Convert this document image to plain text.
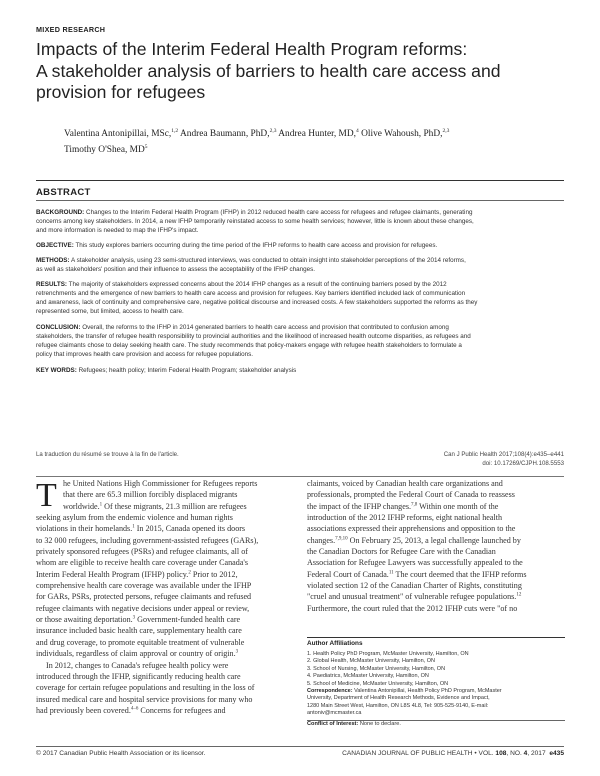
MIXED RESEARCH
Impacts of the Interim Federal Health Program reforms:
A stakeholder analysis of barriers to health care access and
provision for refugees
Valentina Antonipillai, MSc,$^{1,2}$ Andrea Baumann, PhD,$^{2,3}$ Andrea Hunter, MD,$^4$ Olive Wahoush, PhD,$^{2,3}$
Timothy O'Shea, $MD^5$
ABSTRACT

BACKGROUND: Changes to the Interim Federal Health Program (IFHP) in 2012 reduced health care access for refugees and refugee claimants, generating
concerns among key stakeholders. In 2014, a new IFHP temporarily reinstated access to some health services; however, little is known about these changes,
and more information is needed to map the IFHP's impact.

OBJECTIVE: This study explores barriers occurring during the time period of the IFHP reforms to health care access and provision for refugees.

METHODS: A stakeholder analysis, using 23 semi-structured interviews, was conducted to obtain insight into stakeholder perceptions of the 2014 reforms,
as well as stakeholders' position and their influence to assess the acceptability of the IFHP changes.

RESULTS: The majority of stakeholders expressed concerns about the 2014 IFHP changes as a result of the continuing barriers posed by the 2012
retrenchments and the emergence of new barriers to health care access and provision for refugees. Key barriers identified included lack of communication
and awareness, lack of continuity and comprehensive care, negative political discourse and increased costs. A few stakeholders supported the reforms as they
represented some, but limited, access to health care.

CONCLUSION: Overall, the reforms to the IFHP in 2014 generated barriers to health care access and provision that contributed to confusion among
stakeholders, the transfer of refugee health responsibility to provincial authorities and the likelihood of increased health outcome disparities, as refugees and
refugee claimants chose to delay seeking health care. The study recommends that policy-makers engage with refugee health stakeholders to formulate a
policy that improves health care provision and access for refugee populations.

KEY WORDS: Refugees; health policy; Interim Federal Health Program; stakeholder analysis

La traduction du résumé se trouve à la fin de l'article.	Can J Public Health 2017;108(4):e435–e441
doi: 10.17269/CJPH.108.5553
T he United Nations High Commissioner for Refugees reports
that there are 65.3 million forcibly displaced migrants
worldwide.$^1$ Of these migrants, 21.3 million are refugees
seeking asylum from the endemic violence and human rights
violations in their homelands.$^1$ In 2015, Canada opened its doors
to 32 000 refugees, including government-assisted refugees (GARs),
privately sponsored refugees (PSRs) and refugee claimants, all of
whom are eligible to receive health care coverage under Canada's
Interim Federal Health Program (IFHP) policy.$^2$ Prior to 2012,
comprehensive health care coverage was available under the IFHP
for GARs, PSRs, protected persons, refugee claimants and refused
refugee claimants with negative decisions under appeal or review,
or those awaiting deportation.$^3$ Government-funded health care
insurance included basic health care, supplementary health care
and drug coverage, to promote equitable treatment of vulnerable
individuals, regardless of claim approval or country of origin.$^3$
In 2012, changes to Canada's refugee health policy were
introduced through the IFHP, significantly reducing health care
coverage for certain refugee populations and resulting in the loss of
insured medical care and hospital service provisions for many who
had previously been covered.$^{4-6}$ Concerns for refugees and
claimants, voiced by Canadian health care organizations and
professionals, prompted the Federal Court of Canada to reassess
the impact of the IFHP changes.$^{7,8}$ Within one month of the
introduction of the 2012 IFHP reforms, eight national health
associations expressed their apprehensions and opposition to the
changes.$^{7,9,10}$ On February 25, 2013, a legal challenge launched by
the Canadian Doctors for Refugee Care with the Canadian
Association for Refugee Lawyers was successfully appealed to the
Federal Court of Canada.$^{11}$ The court deemed that the IFHP reforms
violated section 12 of the Canadian Charter of Rights, constituting
"cruel and unusual treatment" of vulnerable refugee populations.$^{12}$
Furthermore, the court ruled that the 2012 IFHP cuts were "of no
Author Affiliations
1. Health Policy PhD Program, McMaster University, Hamilton, ON
2. Global Health, McMaster University, Hamilton, ON
3. School of Nursing, McMaster University, Hamilton, ON
4. Paediatrics, McMaster University, Hamilton, ON
5. School of Medicine, McMaster University, Hamilton, ON
Correspondence: Valentina Antonipillai, Health Policy PhD Program, McMaster
University, Department of Health Research Methods, Evidence and Impact,
1280 Main Street West, Hamilton, ON L8S 4L8, Tel: 905-525-9140, E-mail:
antoniv@mcmaster.ca
Conflict of Interest: None to declare.
© 2017 Canadian Public Health Association or its licensor.	CANADIAN JOURNAL OF PUBLIC HEALTH • VOL. 108, NO. 4, 2017 e435
